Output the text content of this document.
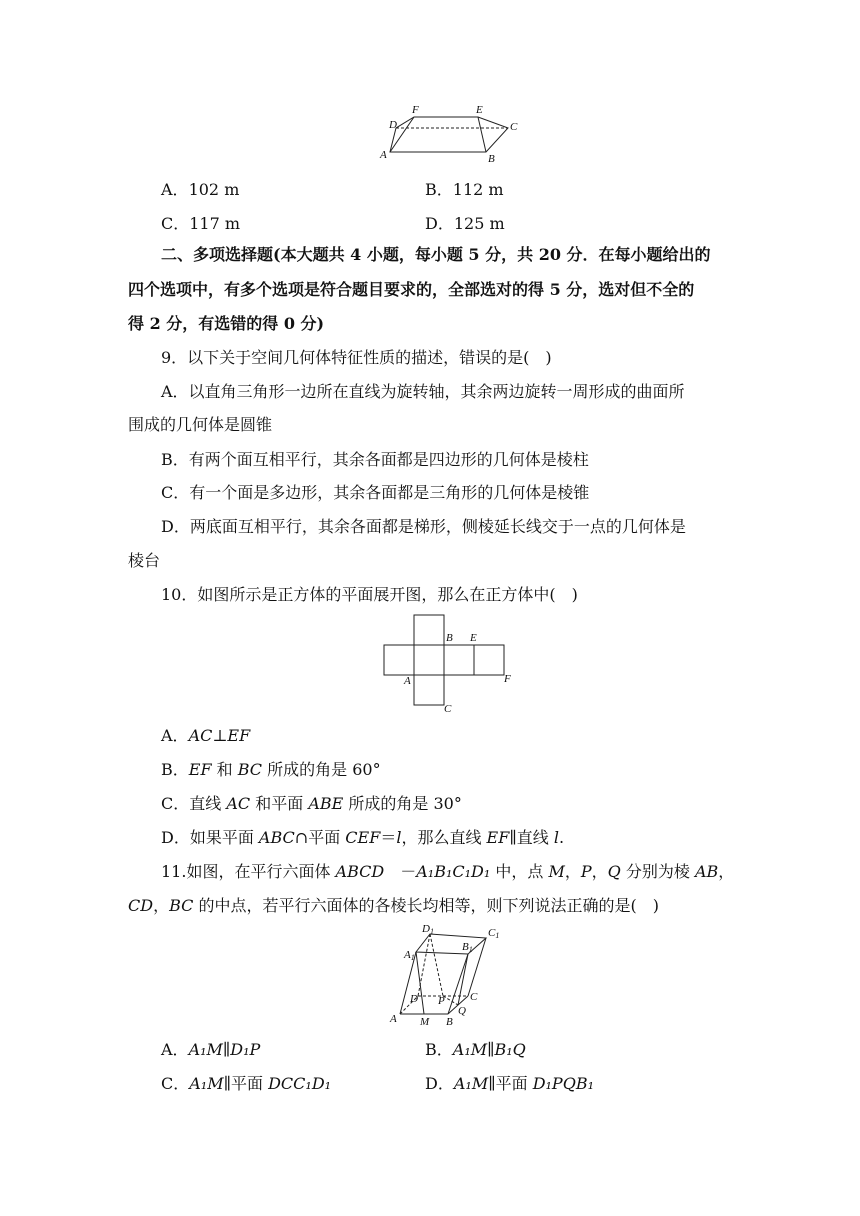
F	E
D	C
A	B
A．102 m	B．112 m
C．117 m	D．125 m
二、多项选择题(本大题共 4 小题，每小题 5 分，共 20 分．在每小题给出的
四个选项中，有多个选项是符合题目要求的，全部选对的得 5 分，选对但不全的
得 2 分，有选错的得 0 分)
9．以下关于空间几何体特征性质的描述，错误的是(　)
A．以直角三角形一边所在直线为旋转轴，其余两边旋转一周形成的曲面所
围成的几何体是圆锥
B．有两个面互相平行，其余各面都是四边形的几何体是棱柱
C．有一个面是多边形，其余各面都是三角形的几何体是棱锥
D．两底面互相平行，其余各面都是梯形，侧棱延长线交于一点的几何体是
棱台
10．如图所示是正方体的平面展开图，那么在正方体中(　)
B E
A	F
C
A．AC⊥EF
B．EF 和 BC 所成的角是 60°
C．直线 AC 和平面 ABE 所成的角是 30°
D．如果平面 ABC∩平面 CEF＝l，那么直线 EF∥直线 l.
11.如图，在平行六面体 ABCD　－A₁B₁C₁D₁ 中，点 M，P，Q 分别为棱 AB，
CD，BC 的中点，若平行六面体的各棱长均相等，则下列说法正确的是(　)
D1	C1
B1
A1
D P C
Q
A M B
A．A₁M∥D₁P	B．A₁M∥B₁Q
C．A₁M∥平面 DCC₁D₁	D．A₁M∥平面 D₁PQB₁
